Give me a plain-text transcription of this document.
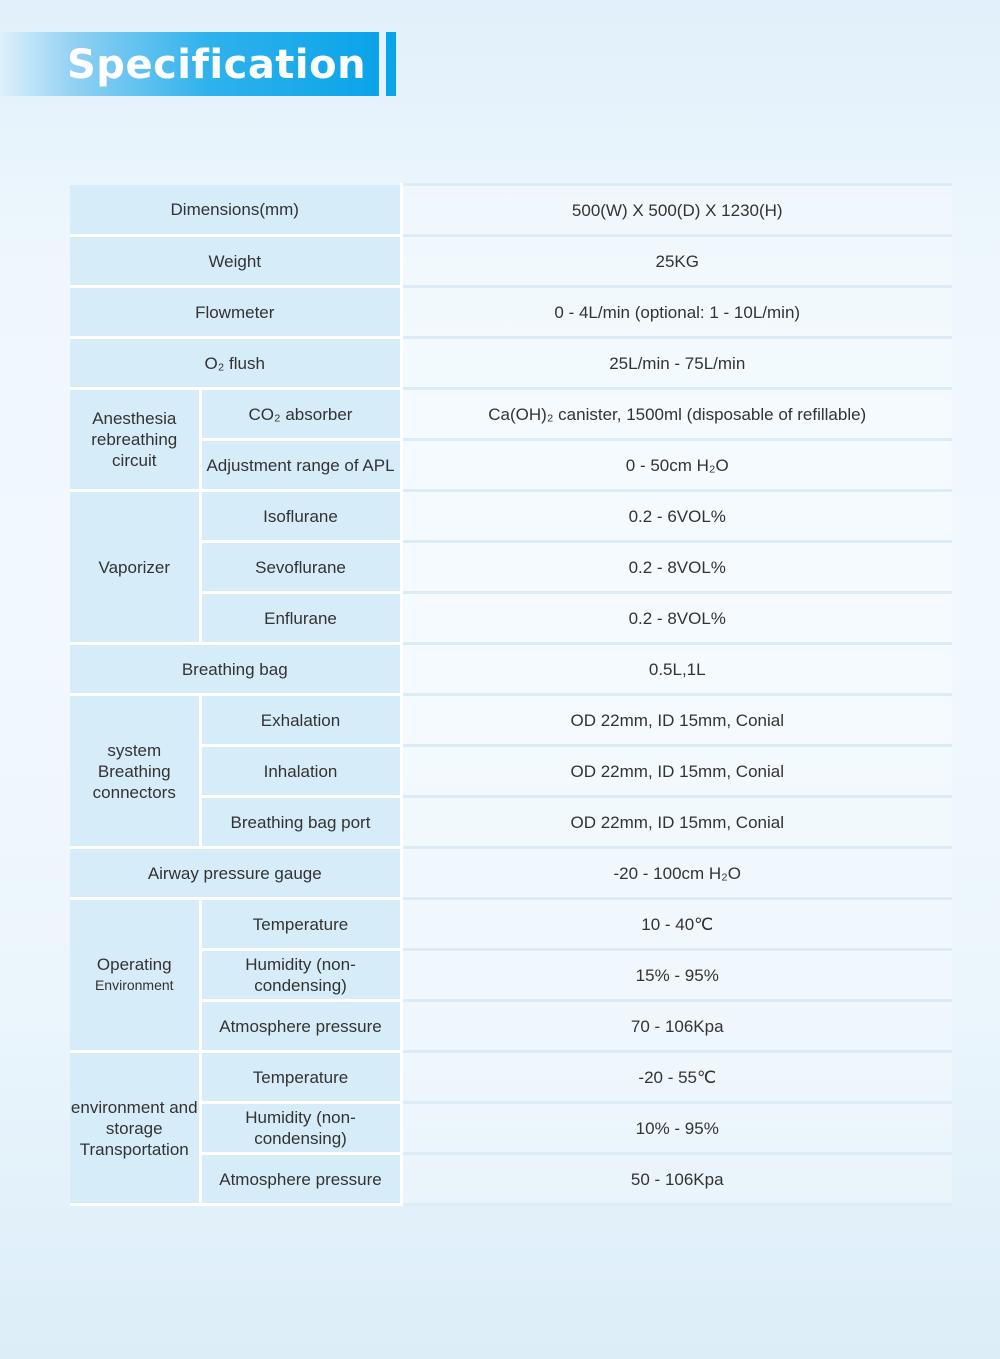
Specification
Dimensions(mm)		500(W) X 500(D) X 1230(H)
Weight		25KG
Flowmeter		0 - 4L/min (optional: 1 - 10L/min)
O₂ flush		25L/min - 75L/min
Anesthesia rebreathing circuit	CO₂ absorber	Ca(OH)₂ canister, 1500ml (disposable of refillable)
	Adjustment range of APL	0 - 50cm H₂O
Vaporizer	Isoflurane	0.2 - 6VOL%
	Sevoflurane	0.2 - 8VOL%
	Enflurane	0.2 - 8VOL%
Breathing bag		0.5L,1L
system Breathing connectors	Exhalation	OD 22mm, ID 15mm, Conial
	Inhalation	OD 22mm, ID 15mm, Conial
	Breathing bag port	OD 22mm, ID 15mm, Conial
Airway pressure gauge		-20 - 100cm H₂O

Operating
Environment	Temperature	10 - 40℃
	Humidity (non-condensing)	15% - 95%
	Atmosphere pressure	70 - 106Kpa
environment and storage Transportation	Temperature	-20 - 55℃
	Humidity (non-condensing)	10% - 95%
	Atmosphere pressure	50 - 106Kpa
